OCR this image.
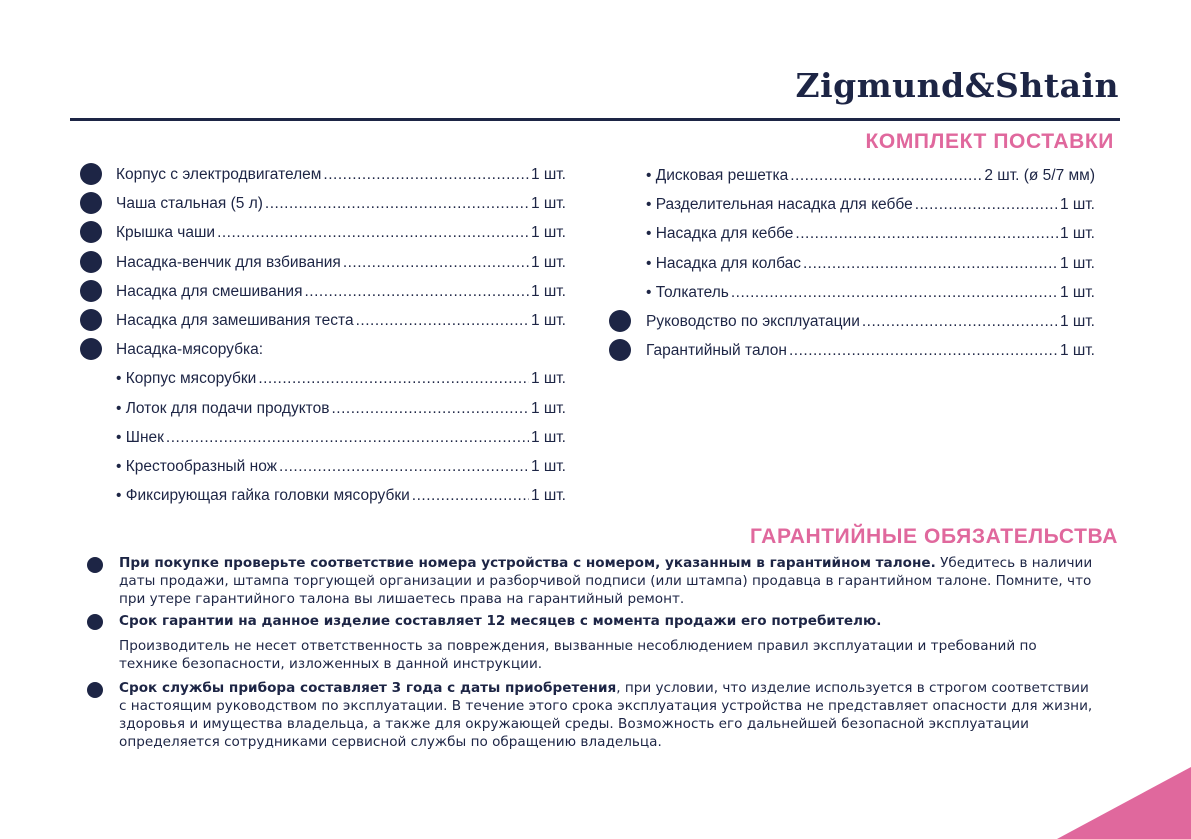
Zigmund&Shtain
КОМПЛЕКТ ПОСТАВКИ
Корпус с электродвигателем .....	1 шт.
Чаша стальная (5 л) .....	1 шт.
Крышка чаши .....	1 шт.
Насадка-венчик для взбивания .....	1 шт.
Насадка для смешивания .....	1 шт.
Насадка для замешивания теста .....	1 шт.
Насадка-мясорубка:
• Корпус мясорубки .....	1 шт.
• Лоток для подачи продуктов .....	1 шт.
• Шнек .....	1 шт.
• Крестообразный нож .....	1 шт.
• Фиксирующая гайка головки мясорубки .....	1 шт.
• Дисковая решетка .....	2 шт. (ø 5/7 мм)
• Разделительная насадка для кеббе .....	1 шт.
• Насадка для кеббе .....	1 шт.
• Насадка для колбас .....	1 шт.
• Толкатель .....	1 шт.
Руководство по эксплуатации .....	1 шт.
Гарантийный талон .....	1 шт.
ГАРАНТИЙНЫЕ ОБЯЗАТЕЛЬСТВА
При покупке проверьте соответствие номера устройства с номером, указанным в гарантийном талоне. Убедитесь в наличии даты продажи, штампа торгующей организации и разборчивой подписи (или штампа) продавца в гарантийном талоне. Помните, что при утере гарантийного талона вы лишаетесь права на гарантийный ремонт.
Срок гарантии на данное изделие составляет 12 месяцев с момента продажи его потребителю.
Производитель не несет ответственность за повреждения, вызванные несоблюдением правил эксплуатации и требований по технике безопасности, изложенных в данной инструкции.
Срок службы прибора составляет 3 года с даты приобретения, при условии, что изделие используется в строгом соответствии с настоящим руководством по эксплуатации. В течение этого срока эксплуатация устройства не представляет опасности для жизни, здоровья и имущества владельца, а также для окружающей среды. Возможность его дальнейшей безопасной эксплуатации определяется сотрудниками сервисной службы по обращению владельца.
